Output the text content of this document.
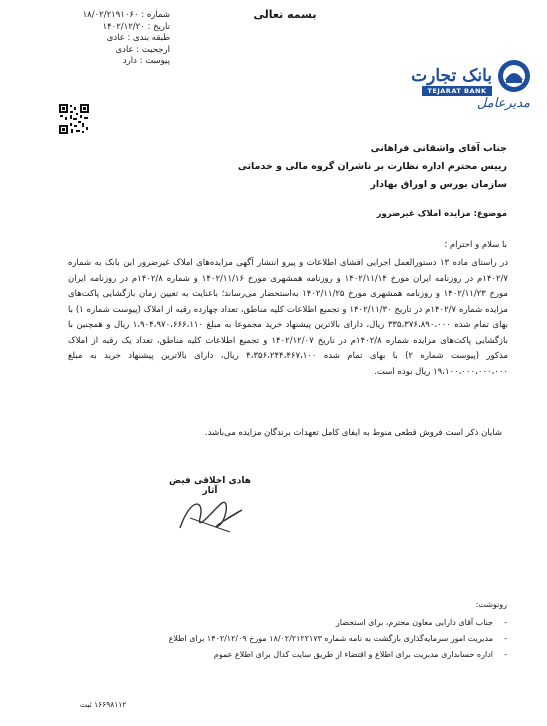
بسمه تعالی
شماره : ۱۸/۰۲/۲۱۹۱۰۶۰
تاریخ : ۱۴۰۲/۱۲/۲۰
طبقه بندی : عادی
ارجحیت : عادی
پیوست : دارد
بانک تجارت
TEJARAT BANK
مدیرعامل
جناب آقای واشقانی فراهانی
رییس محترم اداره نظارت بر ناشران گروه مالی و خدماتی
سازمان بورس و اوراق بهادار
موضوع: مزایده املاک غیرضرور
با سلام و احترام ؛

در راستای ماده ۱۳ دستورالعمل اجرایی افشای اطلاعات و پیرو انتشار آگهی مزایده‌های املاک غیرضرور این بانک به شماره ۱۴۰۲/۷م در روزنامه ایران مورخ ۱۴۰۲/۱۱/۱۴ و روزنامه همشهری مورخ ۱۴۰۲/۱۱/۱۶ و شماره ۱۴۰۲/۸م در روزنامه ایران مورخ ۱۴۰۲/۱۱/۲۳ و روزنامه همشهری مورخ ۱۴۰۲/۱۱/۲۵ به‌استحضار می‌رساند؛ باعنایت به تعیین زمان بازگشایی پاکت‌های مزایده شماره ۱۴۰۲/۷م در تاریخ ۱۴۰۲/۱۱/۳۰ و تجمیع اطلاعات کلیه مناطق، تعداد چهارده رقبه از املاک (پیوست شماره ۱) با بهای تمام شده ۳۳۵،۳۷۶،۸۹۰،۰۰۰ ریال، دارای بالاترین پیشنهاد خرید مجموعا به مبلغ ۱،۹۰۴،۹۷۰،۶۶۶،۱۱۰ ریال و همچنین با بازگشایی پاکت‌های مزایده شماره ۱۴۰۲/۸م در تاریخ ۱۴۰۲/۱۲/۰۷ و تجمیع اطلاعات کلیه مناطق، تعداد یک رقبه از املاک مذکور (پیوست شماره ۲) با بهای تمام شده ۴،۳۵۶،۲۴۴،۴۶۷،۱۰۰ ریال، دارای بالاترین پیشنهاد خرید به مبلغ ۱۹،۱۰۰،۰۰۰،۰۰۰،۰۰۰ ریال بوده است.

شایان ذکر است فروش قطعی منوط به ایفای کامل تعهدات برندگان مزایده می‌باشد.
هادی اخلاقی فیض آثار
رونوشت:
-
جناب آقای دارایی معاون محترم، برای استحضار
-
مدیریت امور سرمایه‌گذاری بازگشت به نامه شماره ۱۸/۰۲/۲۱۲۲۱۷۳ مورخ ۱۴۰۲/۱۲/۰۹ برای اطلاع
-
اداره حسابداری مدیریت برای اطلاع و اقتضاء از طریق سایت کدال برای اطلاع عموم
۱۶۶۹۸۱۱۲ ثبت
